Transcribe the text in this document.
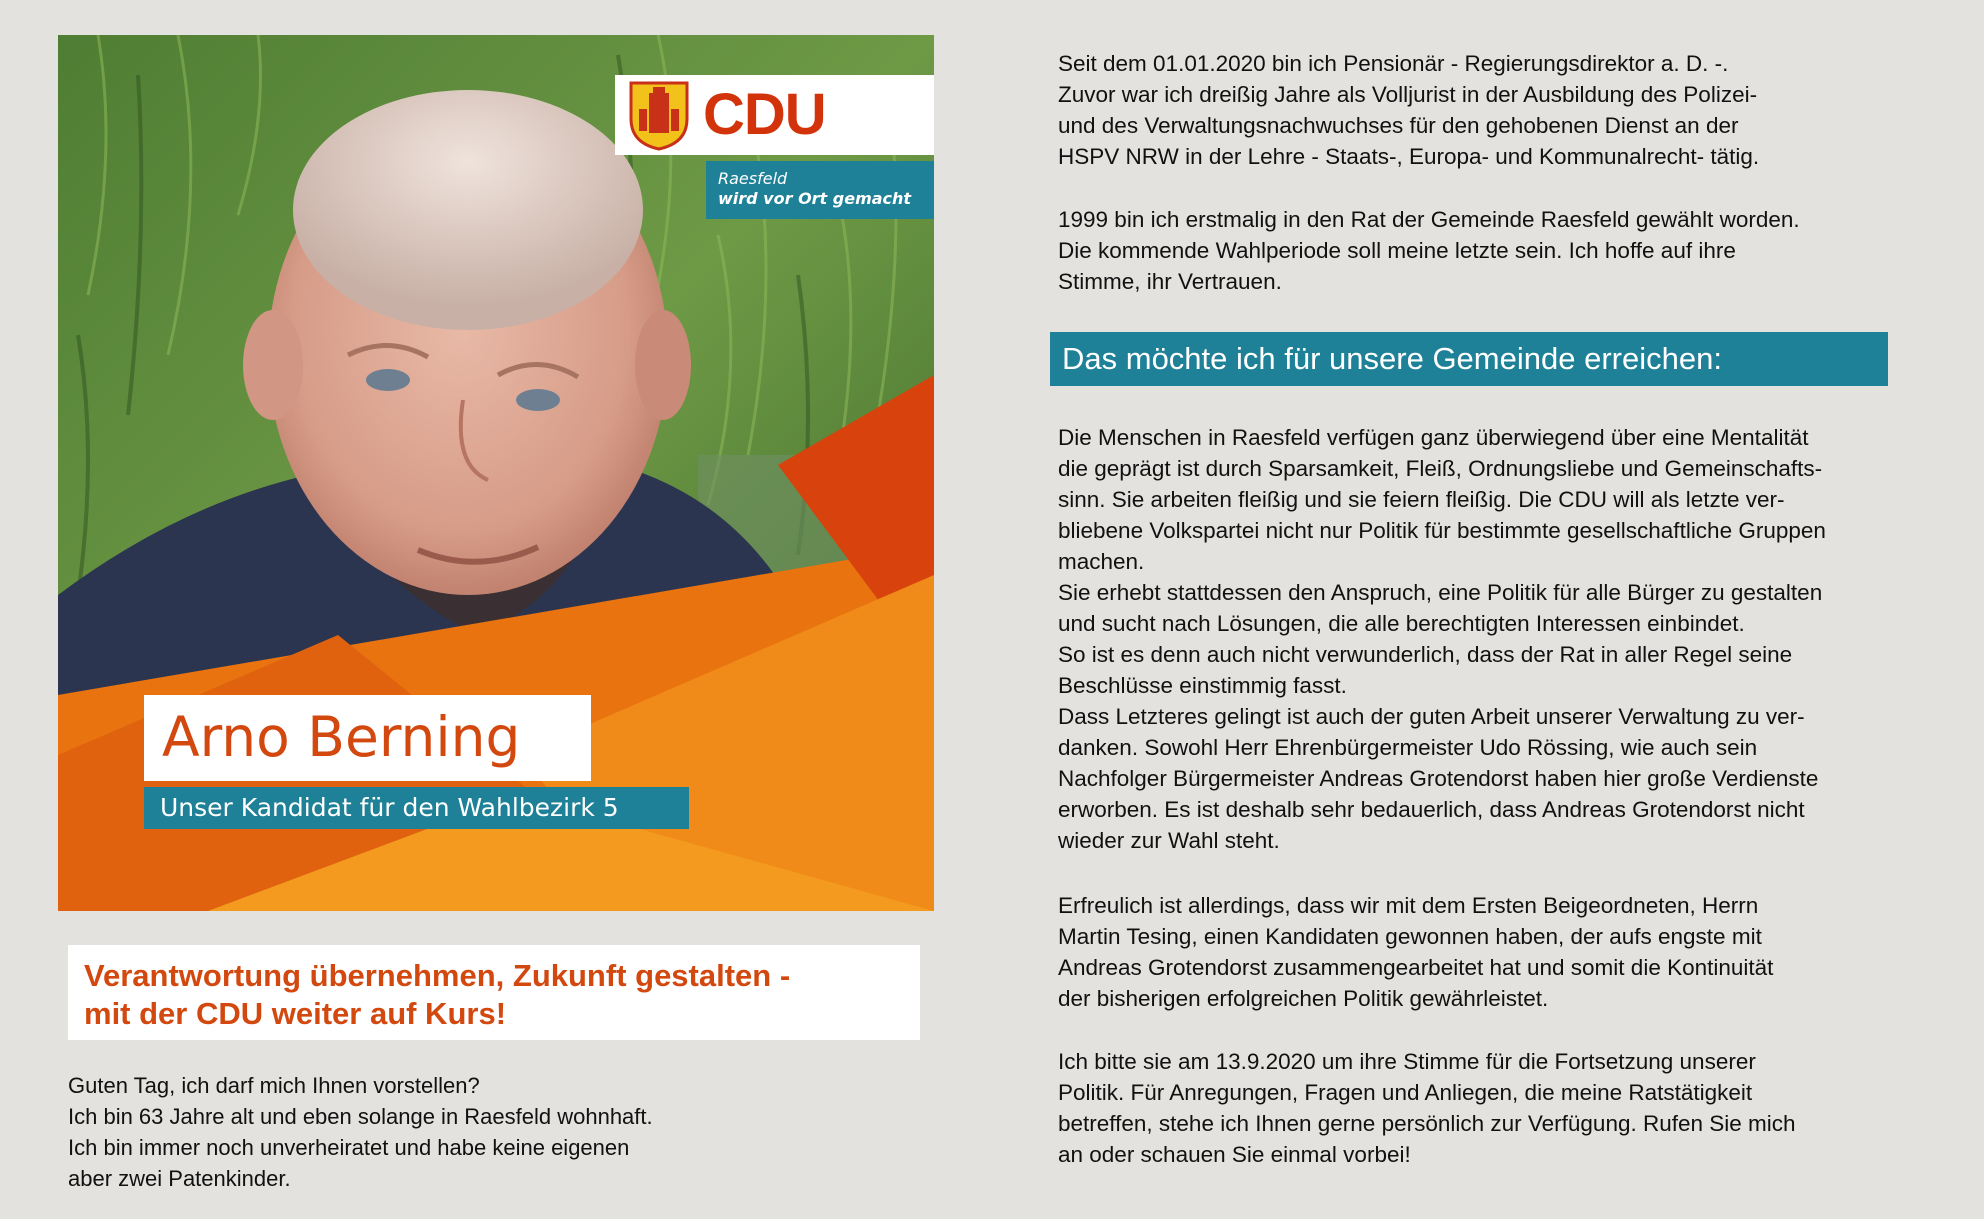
CDU
Raesfeld
wird vor Ort gemacht
Arno Berning
Unser Kandidat für den Wahlbezirk 5
Verantwortung übernehmen, Zukunft gestalten -
mit der CDU weiter auf Kurs!
Guten Tag, ich darf mich Ihnen vorstellen?
Ich bin 63 Jahre alt und eben solange in Raesfeld wohnhaft.
Ich bin immer noch unverheiratet und habe keine eigenen
aber zwei Patenkinder.
Seit dem 01.01.2020 bin ich Pensionär - Regierungsdirektor a. D. -.
Zuvor war ich dreißig Jahre als Volljurist in der Ausbildung des Polizei-
und des Verwaltungsnachwuchses für den gehobenen Dienst an der
HSPV NRW in der Lehre - Staats-, Europa- und Kommunalrecht- tätig.
1999 bin ich erstmalig in den Rat der Gemeinde Raesfeld gewählt worden.
Die kommende Wahlperiode soll meine letzte sein. Ich hoffe auf ihre
Stimme, ihr Vertrauen.
Das möchte ich für unsere Gemeinde erreichen:
Die Menschen in Raesfeld verfügen ganz überwiegend über eine Mentalität
die geprägt ist durch Sparsamkeit, Fleiß, Ordnungsliebe und Gemeinschafts-
sinn. Sie arbeiten fleißig und sie feiern fleißig. Die CDU will als letzte ver-
bliebene Volkspartei nicht nur Politik für bestimmte gesellschaftliche Gruppen
machen.
Sie erhebt stattdessen den Anspruch, eine Politik für alle Bürger zu gestalten
und sucht nach Lösungen, die alle berechtigten Interessen einbindet.
So ist es denn auch nicht verwunderlich, dass der Rat in aller Regel seine
Beschlüsse einstimmig fasst.
Dass Letzteres gelingt ist auch der guten Arbeit unserer Verwaltung zu ver-
danken. Sowohl Herr Ehrenbürgermeister Udo Rössing, wie auch sein
Nachfolger Bürgermeister Andreas Grotendorst haben hier große Verdienste
erworben. Es ist deshalb sehr bedauerlich, dass Andreas Grotendorst nicht
wieder zur Wahl steht.
Erfreulich ist allerdings, dass wir mit dem Ersten Beigeordneten, Herrn
Martin Tesing, einen Kandidaten gewonnen haben, der aufs engste mit
Andreas Grotendorst zusammengearbeitet hat und somit die Kontinuität
der bisherigen erfolgreichen Politik gewährleistet.
Ich bitte sie am 13.9.2020 um ihre Stimme für die Fortsetzung unserer
Politik. Für Anregungen, Fragen und Anliegen, die meine Ratstätigkeit
betreffen, stehe ich Ihnen gerne persönlich zur Verfügung. Rufen Sie mich
an oder schauen Sie einmal vorbei!
